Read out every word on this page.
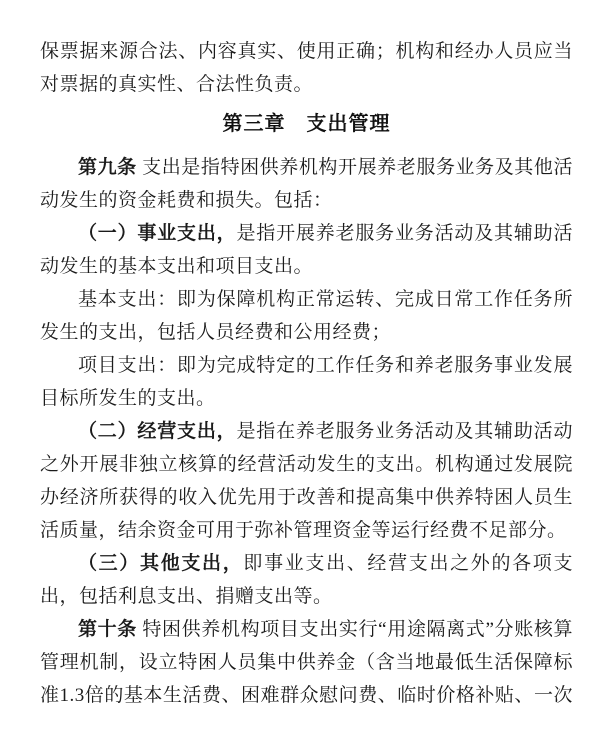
保票据来源合法、内容真实、使用正确；机构和经办人员应当对票据的真实性、合法性负责。

第三章　支出管理

第九条 支出是指特困供养机构开展养老服务业务及其他活动发生的资金耗费和损失。包括：

（一）事业支出，是指开展养老服务业务活动及其辅助活动发生的基本支出和项目支出。

基本支出：即为保障机构正常运转、完成日常工作任务所发生的支出，包括人员经费和公用经费；

项目支出：即为完成特定的工作任务和养老服务事业发展目标所发生的支出。

（二）经营支出，是指在养老服务业务活动及其辅助活动之外开展非独立核算的经营活动发生的支出。机构通过发展院办经济所获得的收入优先用于改善和提高集中供养特困人员生活质量，结余资金可用于弥补管理资金等运行经费不足部分。

（三）其他支出，即事业支出、经营支出之外的各项支出，包括利息支出、捐赠支出等。

第十条 特困供养机构项目支出实行“用途隔离式”分账核算管理机制，设立特困人员集中供养金（含当地最低生活保障标准1.3倍的基本生活费、困难群众慰问费、临时价格补贴、一次
